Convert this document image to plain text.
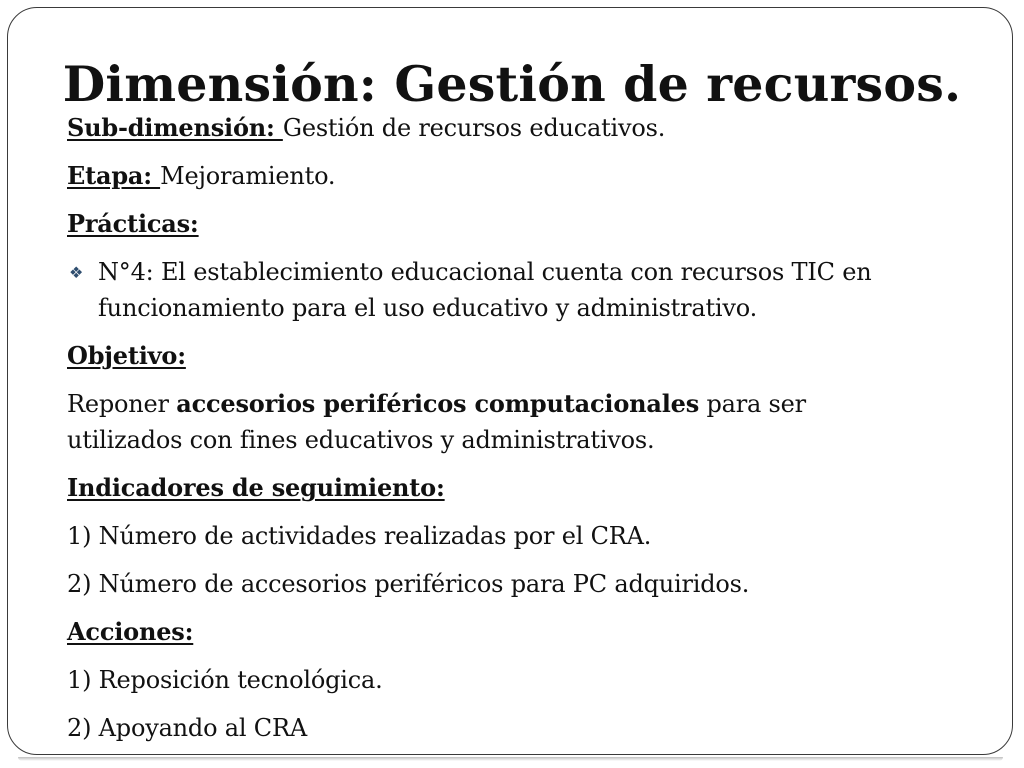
Dimensión: Gestión de recursos.
Sub-dimensión: Gestión de recursos educativos.
Etapa: Mejoramiento.
Prácticas:
❖ N°4: El establecimiento educacional cuenta con recursos TIC en
funcionamiento para el uso educativo y administrativo.
Objetivo:
Reponer accesorios periféricos computacionales para ser
utilizados con fines educativos y administrativos.
Indicadores de seguimiento:
1) Número de actividades realizadas por el CRA.
2) Número de accesorios periféricos para PC adquiridos.
Acciones:
1) Reposición tecnológica.
2) Apoyando al CRA
